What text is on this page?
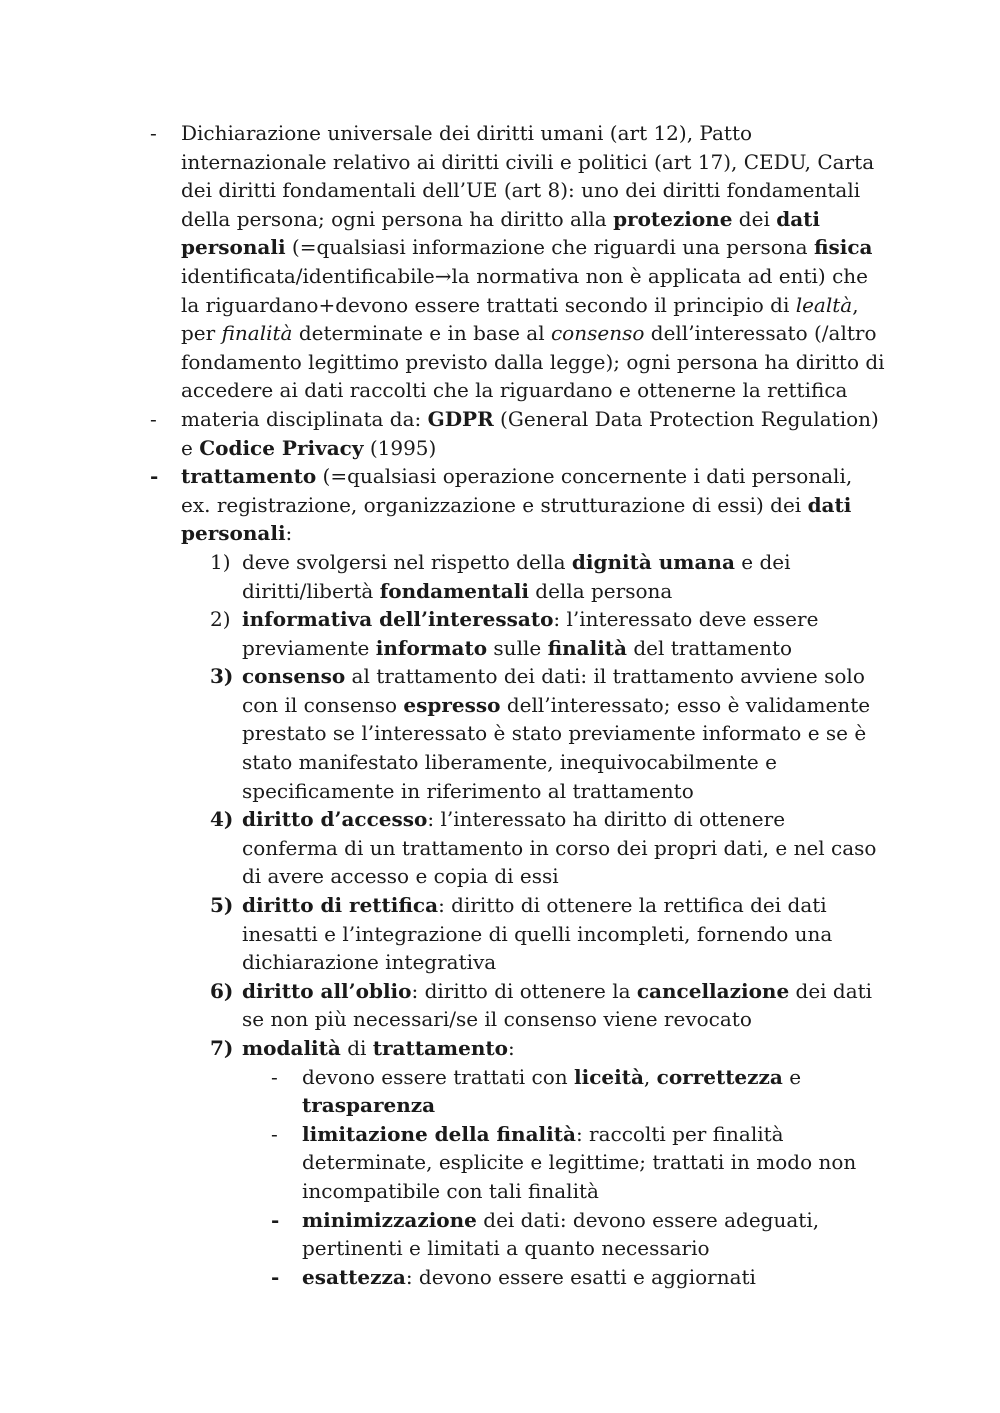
- Dichiarazione universale dei diritti umani (art 12), Patto internazionale relativo ai diritti civili e politici (art 17), CEDU, Carta dei diritti fondamentali dell’UE (art 8): uno dei diritti fondamentali della persona; ogni persona ha diritto alla protezione dei dati personali (=qualsiasi informazione che riguardi una persona fisica identificata/identificabile→la normativa non è applicata ad enti) che la riguardano+devono essere trattati secondo il principio di lealtà, per finalità determinate e in base al consenso dell’interessato (/altro fondamento legittimo previsto dalla legge); ogni persona ha diritto di accedere ai dati raccolti che la riguardano e ottenerne la rettifica
- materia disciplinata da: GDPR (General Data Protection Regulation) e Codice Privacy (1995)
- trattamento (=qualsiasi operazione concernente i dati personali, ex. registrazione, organizzazione e strutturazione di essi) dei dati personali:
1) deve svolgersi nel rispetto della dignità umana e dei diritti/libertà fondamentali della persona
2) informativa dell’interessato: l’interessato deve essere previamente informato sulle finalità del trattamento
3) consenso al trattamento dei dati: il trattamento avviene solo con il consenso espresso dell’interessato; esso è validamente prestato se l’interessato è stato previamente informato e se è stato manifestato liberamente, inequivocabilmente e specificamente in riferimento al trattamento
4) diritto d’accesso: l’interessato ha diritto di ottenere conferma di un trattamento in corso dei propri dati, e nel caso di avere accesso e copia di essi
5) diritto di rettifica: diritto di ottenere la rettifica dei dati inesatti e l’integrazione di quelli incompleti, fornendo una dichiarazione integrativa
6) diritto all’oblio: diritto di ottenere la cancellazione dei dati se non più necessari/se il consenso viene revocato
7) modalità di trattamento:
- devono essere trattati con liceità, correttezza e trasparenza
- limitazione della finalità: raccolti per finalità determinate, esplicite e legittime; trattati in modo non incompatibile con tali finalità
- minimizzazione dei dati: devono essere adeguati, pertinenti e limitati a quanto necessario
- esattezza: devono essere esatti e aggiornati
